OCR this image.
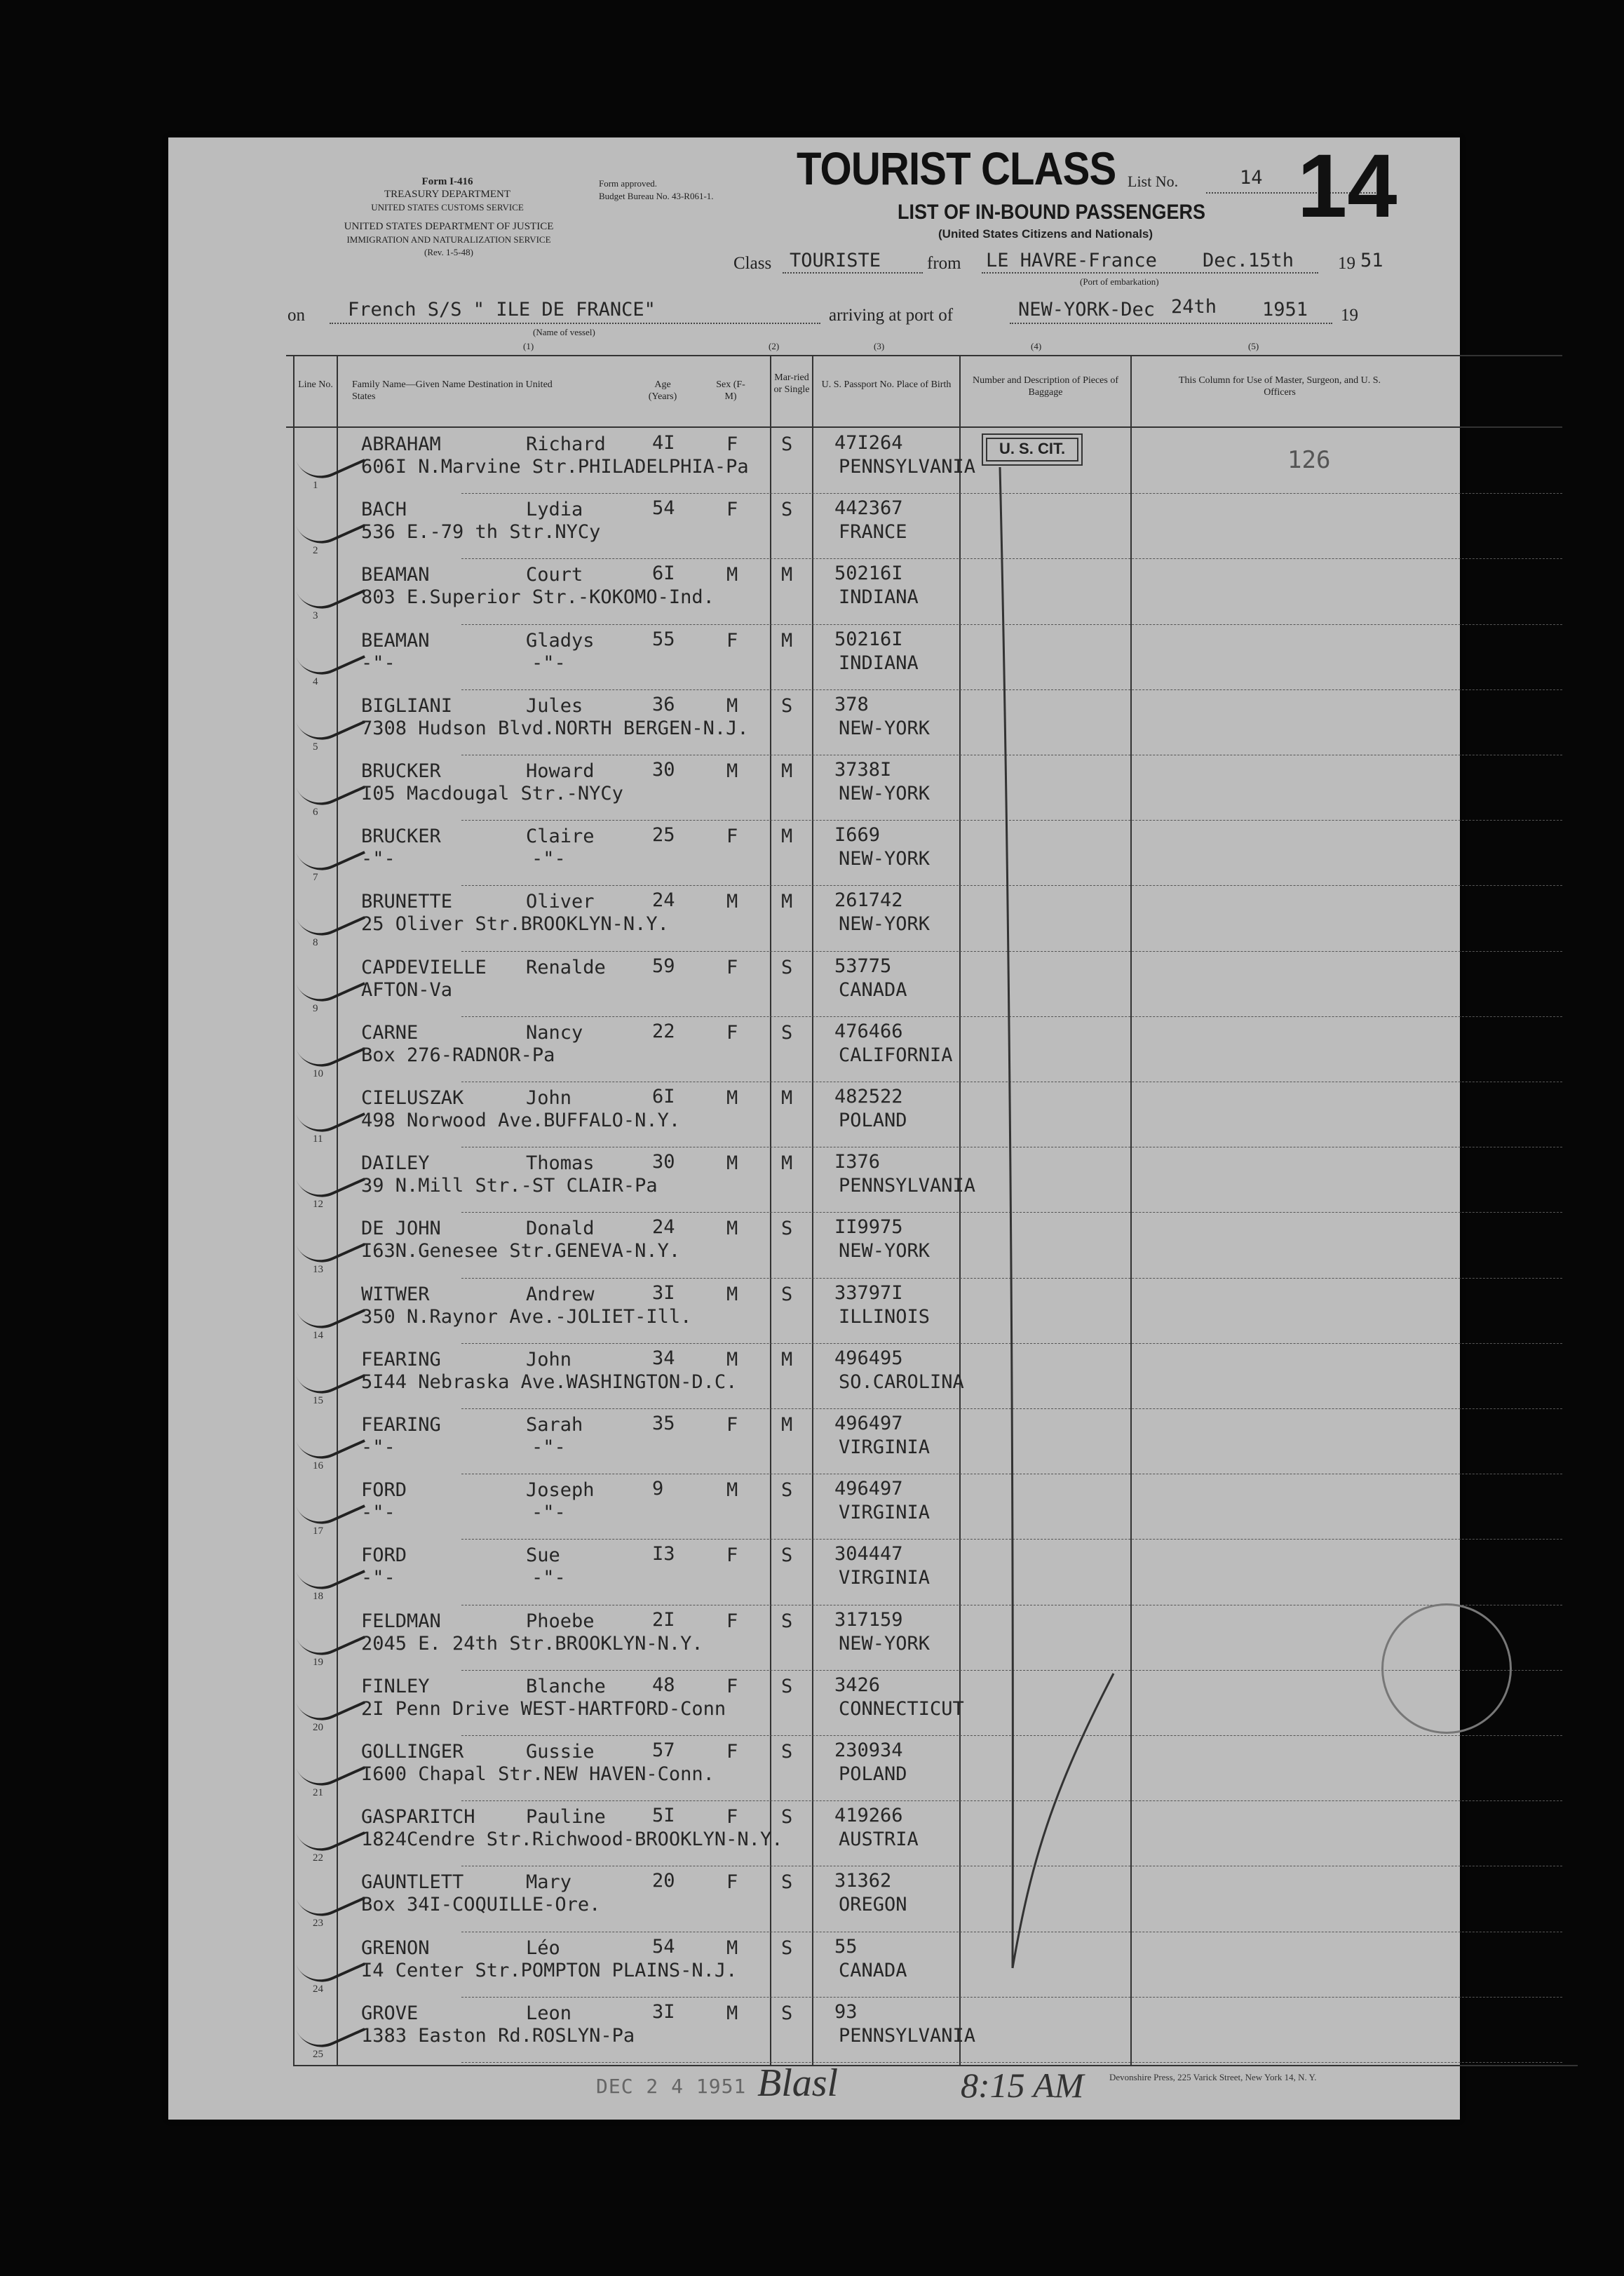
Form I-416
TREASURY DEPARTMENT
UNITED STATES CUSTOMS SERVICE
UNITED STATES DEPARTMENT OF JUSTICE
IMMIGRATION AND NATURALIZATION SERVICE
(Rev. 1-5-48)
Form approved.
Budget Bureau No. 43-R061-1.
TOURIST CLASS List No.	14 14
LIST OF IN-BOUND PASSENGERS
(United States Citizens and Nationals)
Class TOURISTE	from LE HAVRE-France Dec.15th	19 51
(Port of embarkation)
on French S/S " ILE DE FRANCE"
(Name of vessel)
arriving at port of	NEW-YORK-Dec 24th 1951 19
(1)	(2)	(3)	(4)	(5)
Line No. Family Name—Given Name Destination in United States
Age (Years)
Sex (F-M)
Mar-ried or Single	U. S. Passport No. Place of Birth	Number and Description of Pieces of Baggage
This Column for Use of Master, Surgeon, and U. S. Officers
ABRAHAM	Richard 4I	F S 47I264
606I N.Marvine Str.PHILADELPHIA-Pa	PENNSYLVANIA
1
BACH	Lydia	54	F S 442367
536 E.-79 th Str.NYCy	FRANCE
2
BEAMAN	Court	6I	M M 50216I
803 E.Superior Str.-KOKOMO-Ind.	INDIANA
3
BEAMAN	Gladys	55	F M 50216I
-"-	-"-	INDIANA
4
BIGLIANI	Jules	36	M S 378
7308 Hudson Blvd.NORTH BERGEN-N.J.	NEW-YORK
5
BRUCKER	Howard	30	M M 3738I
I05 Macdougal Str.-NYCy	NEW-YORK
6
BRUCKER	Claire	25	F M I669
-"-	-"-	NEW-YORK
7
BRUNETTE	Oliver	24	M M 261742
25 Oliver Str.BROOKLYN-N.Y.	NEW-YORK
8
CAPDEVIELLE Renalde 59	F S 53775
AFTON-Va	CANADA
9
CARNE	Nancy	22	F S 476466
Box 276-RADNOR-Pa	CALIFORNIA
10
CIELUSZAK	John	6I	M M 482522
498 Norwood Ave.BUFFALO-N.Y.	POLAND
11
DAILEY	Thomas	30	M M I376
39 N.Mill Str.-ST CLAIR-Pa	PENNSYLVANIA
12
DE JOHN	Donald	24	M S II9975
I63N.Genesee Str.GENEVA-N.Y.	NEW-YORK
13
WITWER	Andrew	3I	M S 33797I
350 N.Raynor Ave.-JOLIET-Ill.	ILLINOIS
14
FEARING	John	34	M M 496495
5I44 Nebraska Ave.WASHINGTON-D.C.	SO.CAROLINA
15
FEARING	Sarah	35	F M 496497
-"-	-"-	VIRGINIA
16
FORD	Joseph	9	M S 496497
-"-	-"-	VIRGINIA
17
FORD	Sue	I3	F S 304447
-"-	-"-	VIRGINIA
18
FELDMAN	Phoebe	2I	F S 317159
2045 E. 24th Str.BROOKLYN-N.Y.	NEW-YORK
19
FINLEY	Blanche 48	F S 3426
2I Penn Drive WEST-HARTFORD-Conn	CONNECTICUT
20
GOLLINGER	Gussie	57	F S 230934
I600 Chapal Str.NEW HAVEN-Conn.	POLAND
21
GASPARITCH	Pauline 5I	F S 419266
1824Cendre Str.Richwood-BROOKLYN-N.Y.	AUSTRIA
22
GAUNTLETT	Mary	20	F S 31362
Box 34I-COQUILLE-Ore.	OREGON
23
GRENON	Léo	54	M S 55
I4 Center Str.POMPTON PLAINS-N.J.	CANADA
24
GROVE	Leon	3I	M S 93
1383 Easton Rd.ROSLYN-Pa	PENNSYLVANIA
25
U. S. CIT.	126
DEC 2 4 1951 Blasl	8:15 AM	Devonshire Press, 225 Varick Street, New York 14, N. Y.
